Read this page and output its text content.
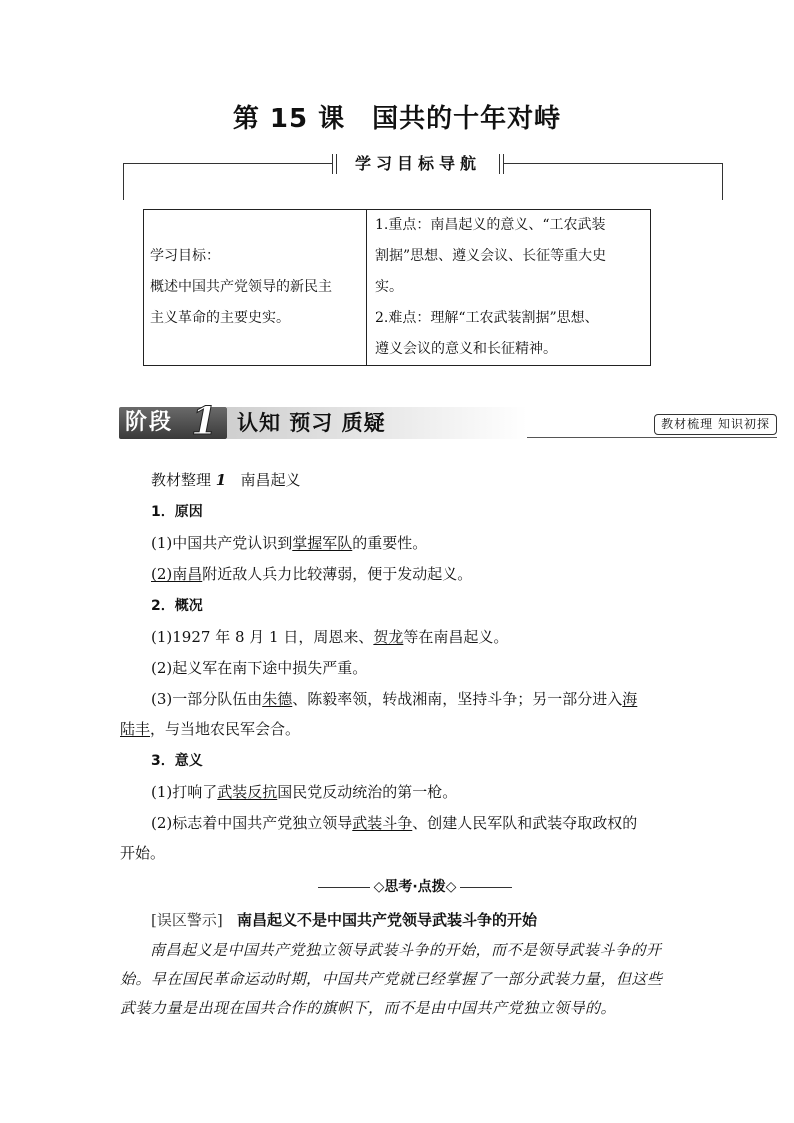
第 15 课　国共的十年对峙
学习目标导航
学习目标：
概述中国共产党领导的新民主
主义革命的主要史实。

1.重点：南昌起义的意义、“工农武装
割据”思想、遵义会议、长征等重大史
实。
2.难点：理解“工农武装割据”思想、
遵义会议的意义和长征精神。
阶段 1 认知 预习 质疑	教材梳理 知识初探
教材整理 1 南昌起义
1．原因
(1)中国共产党认识到掌握军队的重要性。
(2)南昌附近敌人兵力比较薄弱，便于发动起义。
2．概况
(1)1927 年 8 月 1 日，周恩来、贺龙等在南昌起义。
(2)起义军在南下途中损失严重。
(3)一部分队伍由朱德、陈毅率领，转战湘南，坚持斗争；另一部分进入海
陆丰，与当地农民军会合。
3．意义
(1)打响了武装反抗国民党反动统治的第一枪。
(2)标志着中国共产党独立领导武装斗争、创建人民军队和武装夺取政权的
开始。
◇思考·点拨◇
[误区警示] 南昌起义不是中国共产党领导武装斗争的开始
南昌起义是中国共产党独立领导武装斗争的开始，而不是领导武装斗争的开
始。早在国民革命运动时期，中国共产党就已经掌握了一部分武装力量，但这些
武装力量是出现在国共合作的旗帜下，而不是由中国共产党独立领导的。
